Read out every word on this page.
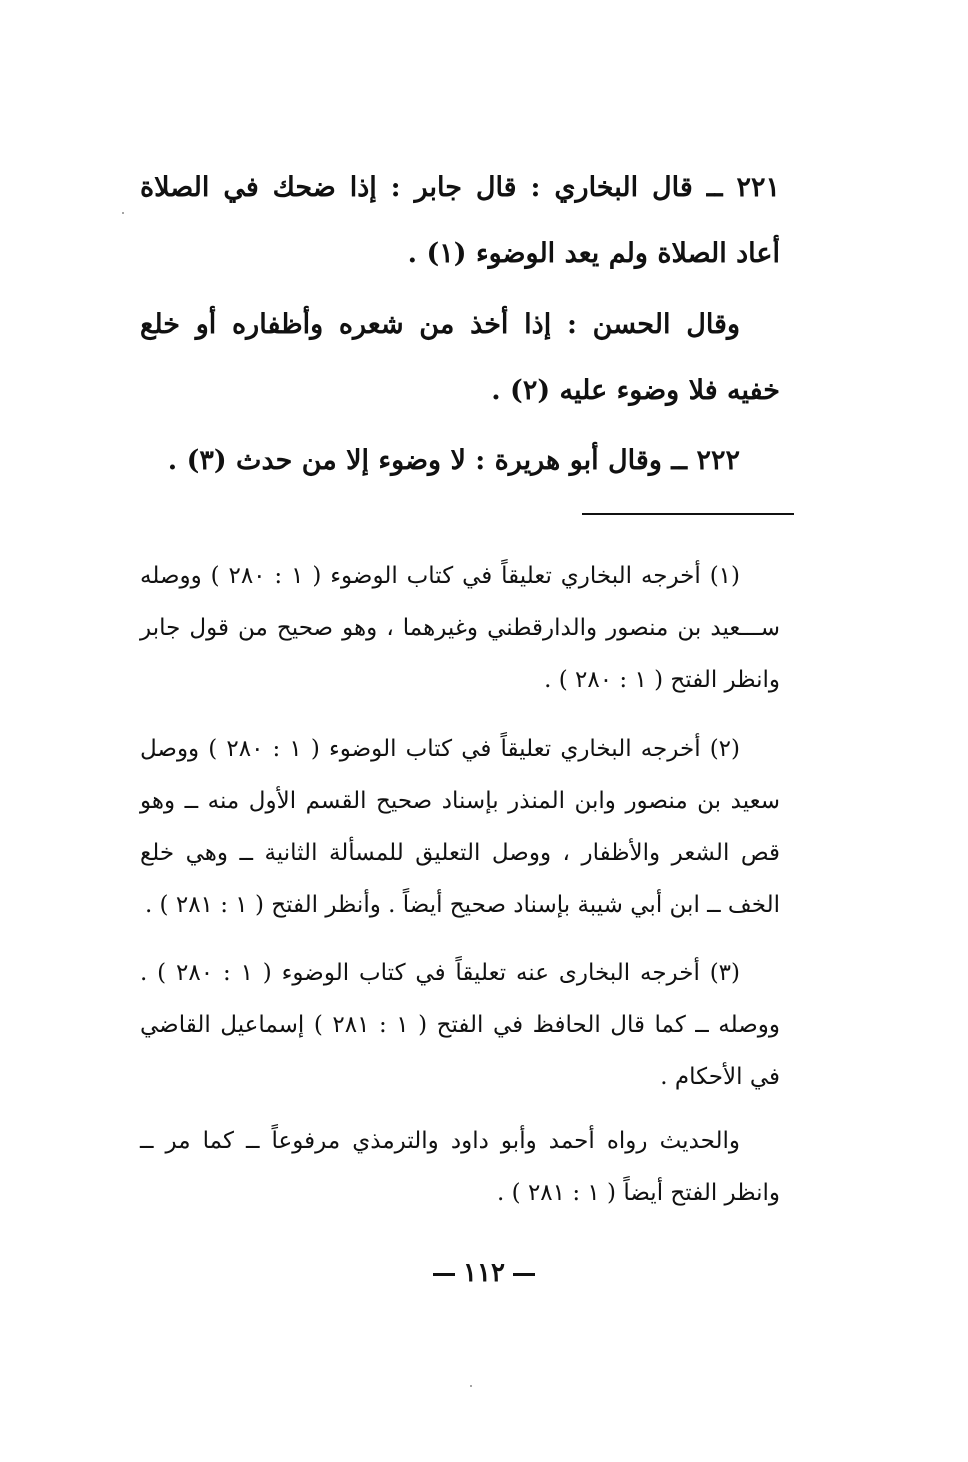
٢٢١ ــ قال البخاري : قال جابر : إذا ضحك في الصلاة أعاد الصلاة ولم يعد الوضوء (١) .

وقال الحسن : إذا أخذ من شعره وأظفاره أو خلع خفيه فلا وضوء عليه (٢) .

٢٢٢ ــ وقال أبو هريرة : لا وضوء إلا من حدث (٣) .

(١) أخرجه البخاري تعليقاً في كتاب الوضوء ( ١ : ٢٨٠ ) ووصله ســـعيد بن منصور والدارقطني وغيرهما ، وهو صحيح من قول جابر وانظر الفتح ( ١ : ٢٨٠ ) .

(٢) أخرجه البخاري تعليقاً في كتاب الوضوء ( ١ : ٢٨٠ ) ووصل سعيد بن منصور وابن المنذر بإسناد صحيح القسم الأول منه ــ وهو قص الشعر والأظفار ، ووصل التعليق للمسألة الثانية ــ وهي خلع الخف ــ ابن أبي شيبة بإسناد صحيح أيضاً . وأنظر الفتح ( ١ : ٢٨١ ) .

(٣) أخرجه البخارى عنه تعليقاً في كتاب الوضوء ( ١ : ٢٨٠ ) . ووصله ــ كما قال الحافظ في الفتح ( ١ : ٢٨١ ) إسماعيل القاضي في الأحكام .

والحديث رواه أحمد وأبو داود والترمذي مرفوعاً ــ كما مر ــ وانظر الفتح أيضاً ( ١ : ٢٨١ ) .

١١٢
